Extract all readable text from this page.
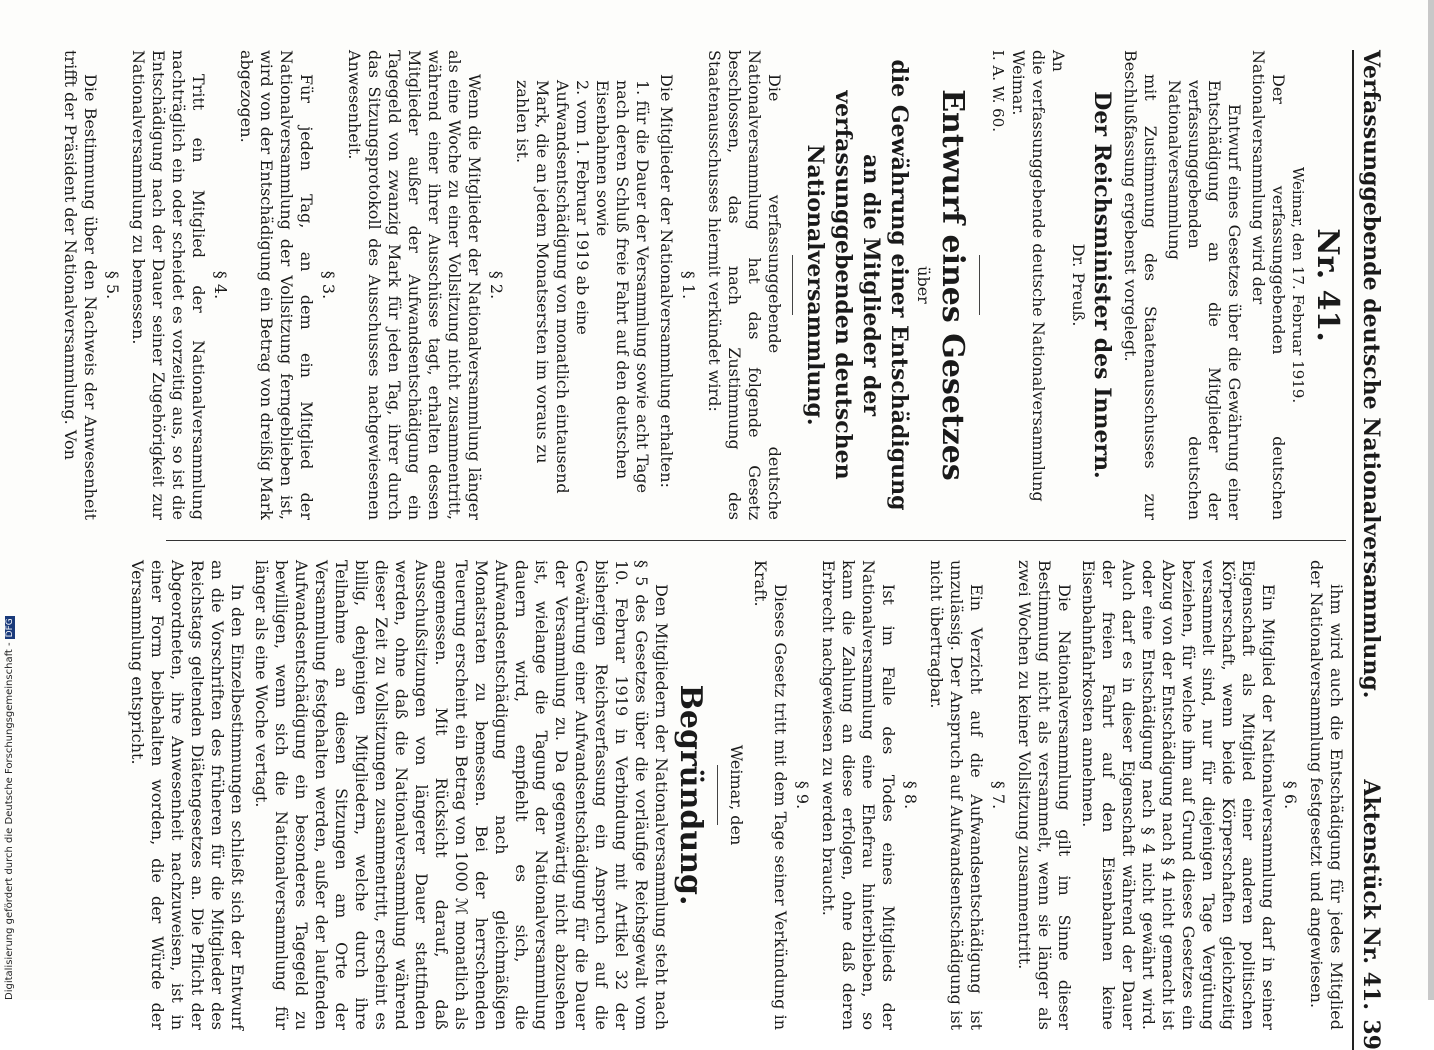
Verfassunggebende deutsche Nationalversammlung.
Aktenstück Nr. 41.
39
Nr. 41.
Weimar, den 17. Februar 1919.
Der verfassunggebenden deutschen Nationalversammlung wird der
Entwurf eines Gesetzes über die Gewährung einer Entschädigung an die Mitglieder der verfassunggebenden deutschen Nationalversammlung
mit Zustimmung des Staatenausschusses zur Beschlußfassung ergebenst vorgelegt.
Der Reichsminister des Innern.
Dr. Preuß.
An
die verfassunggebende deutsche Nationalversammlung Weimar.
I. A. W. 60.
Entwurf eines Gesetzes
über
die Gewährung einer Entschädigung an die Mitglieder der verfassunggebenden deutschen Nationalversammlung.
Die verfassunggebende deutsche Nationalversammlung hat das folgende Gesetz beschlossen, das nach Zustimmung des Staatenausschusses hiermit verkündet wird:
§ 1.
Die Mitglieder der Nationalversammlung erhalten:
1. für die Dauer der Versammlung sowie acht Tage nach deren Schluß freie Fahrt auf den deutschen Eisenbahnen sowie
2. vom 1. Februar 1919 ab eine Aufwandsentschädigung von monatlich eintausend Mark, die an jedem Monatsersten im voraus zu zahlen ist.
§ 2.
Wenn die Mitglieder der Nationalversammlung länger als eine Woche zu einer Vollsitzung nicht zusammentritt, während einer ihrer Ausschüsse tagt, erhalten dessen Mitglieder außer der Aufwandsentschädigung ein Tagegeld von zwanzig Mark für jeden Tag, ihrer durch das Sitzungsprotokoll des Ausschusses nachgewiesenen Anwesenheit.
§ 3.
Für jeden Tag, an dem ein Mitglied der Nationalversammlung der Vollsitzung ferngeblieben ist, wird von der Entschädigung ein Betrag von dreißig Mark abgezogen.
§ 4.
Tritt ein Mitglied der Nationalversammlung nachträglich ein oder scheidet es vorzeitig aus, so ist die Entschädigung nach der Dauer seiner Zugehörigkeit zur Nationalversammlung zu bemessen.
§ 5.
Die Bestimmung über den Nachweis der Anwesenheit trifft der Präsident der Nationalversammlung. Von
ihm wird auch die Entschädigung für jedes Mitglied der Nationalversammlung festgesetzt und angewiesen.
§ 6.
Ein Mitglied der Nationalversammlung darf in seiner Eigenschaft als Mitglied einer anderen politischen Körperschaft, wenn beide Körperschaften gleichzeitig versammelt sind, nur für diejenigen Tage Vergütung beziehen, für welche ihm auf Grund dieses Gesetzes ein Abzug von der Entschädigung nach § 4 nicht gemacht ist oder eine Entschädigung nach § 4 nicht gewährt wird. Auch darf es in dieser Eigenschaft während der Dauer der freien Fahrt auf den Eisenbahnen keine Eisenbahnfahrkosten annehmen.
Die Nationalversammlung gilt im Sinne dieser Bestimmung nicht als versammelt, wenn sie länger als zwei Wochen zu keiner Vollsitzung zusammentritt.
§ 7.
Ein Verzicht auf die Aufwandsentschädigung ist unzulässig. Der Anspruch auf Aufwandsentschädigung ist nicht übertragbar.
§ 8.
Ist im Falle des Todes eines Mitglieds der Nationalversammlung eine Ehefrau hinterblieben, so kann die Zahlung an diese erfolgen, ohne daß deren Erbrecht nachgewiesen zu werden braucht.
§ 9.
Dieses Gesetz tritt mit dem Tage seiner Verkündung in Kraft.
Weimar, den
Begründung.
Den Mitgliedern der Nationalversammlung steht nach § 5 des Gesetzes über die vorläufige Reichsgewalt vom 10. Februar 1919 in Verbindung mit Artikel 32 der bisherigen Reichsverfassung ein Anspruch auf die Gewährung einer Aufwandsentschädigung für die Dauer der Versammlung zu. Da gegenwärtig nicht abzusehen ist, wielange die Tagung der Nationalversammlung dauern wird, empfiehlt es sich, die Aufwandsentschädigung nach gleichmäßigen Monatsraten zu bemessen. Bei der herrschenden Teuerung erscheint ein Betrag von 1000 ℳ monatlich als angemessen. Mit Rücksicht darauf, daß Ausschußsitzungen von längerer Dauer stattfinden werden, ohne daß die Nationalversammlung während dieser Zeit zu Vollsitzungen zusammentritt, erscheint es billig, denjenigen Mitgliedern, welche durch ihre Teilnahme an diesen Sitzungen am Orte der Versammlung festgehalten werden, außer der laufenden Aufwandsentschädigung ein besonderes Tagegeld zu bewilligen, wenn sich die Nationalversammlung für länger als eine Woche vertagt.
In den Einzelbestimmungen schließt sich der Entwurf an die Vorschriften des früheren für die Mitglieder des Reichstags geltenden Diätengesetzes an. Die Pflicht der Abgeordneten, ihre Anwesenheit nachzuweisen, ist in einer Form beibehalten worden, die der Würde der Versammlung entspricht.
Digitalisierung gefördert durch die Deutsche Forschungsgemeinschaft -DFG
